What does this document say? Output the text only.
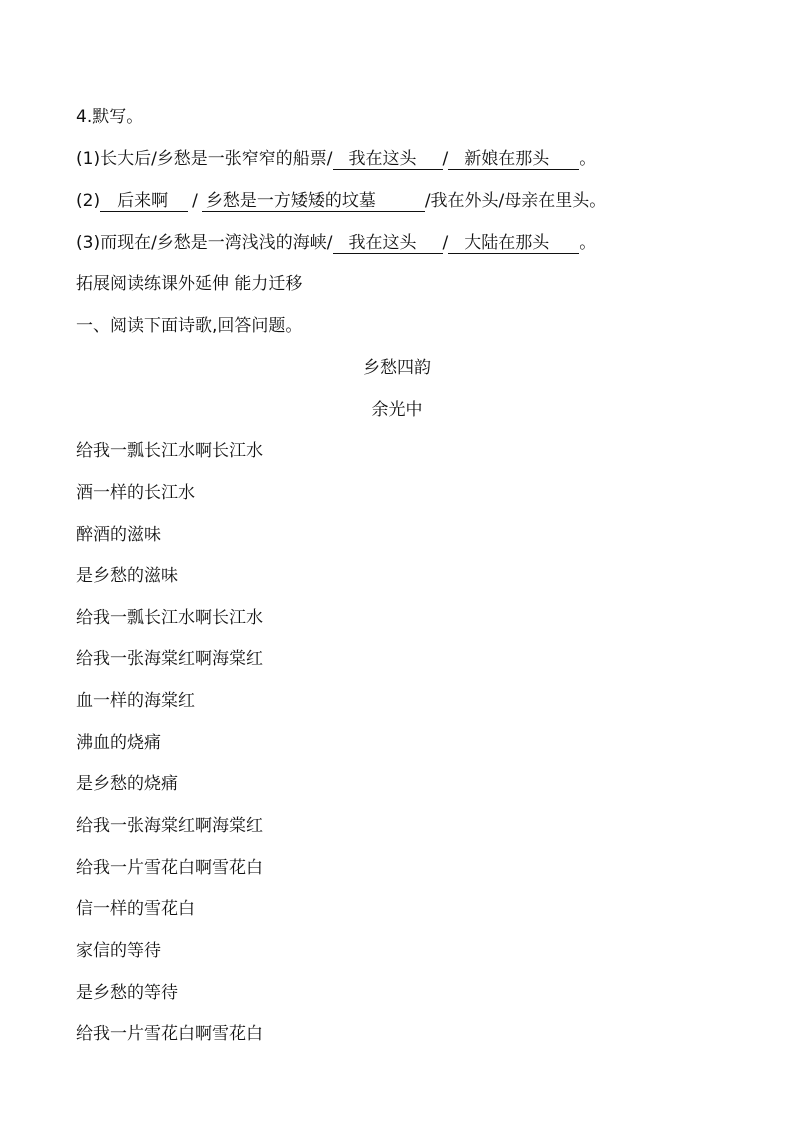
4.默写。
(1)长大后/乡愁是一张窄窄的船票/ 我在这头 / 新娘在那头 。
(2) 后来啊 / 乡愁是一方矮矮的坟墓	/我在外头/母亲在里头。
(3)而现在/乡愁是一湾浅浅的海峡/ 我在这头 / 大陆在那头 。
拓展阅读练课外延伸 能力迁移
一、阅读下面诗歌,回答问题。
乡愁四韵
余光中
给我一瓢长江水啊长江水
酒一样的长江水
醉酒的滋味
是乡愁的滋味
给我一瓢长江水啊长江水
给我一张海棠红啊海棠红
血一样的海棠红
沸血的烧痛
是乡愁的烧痛
给我一张海棠红啊海棠红
给我一片雪花白啊雪花白
信一样的雪花白
家信的等待
是乡愁的等待
给我一片雪花白啊雪花白
